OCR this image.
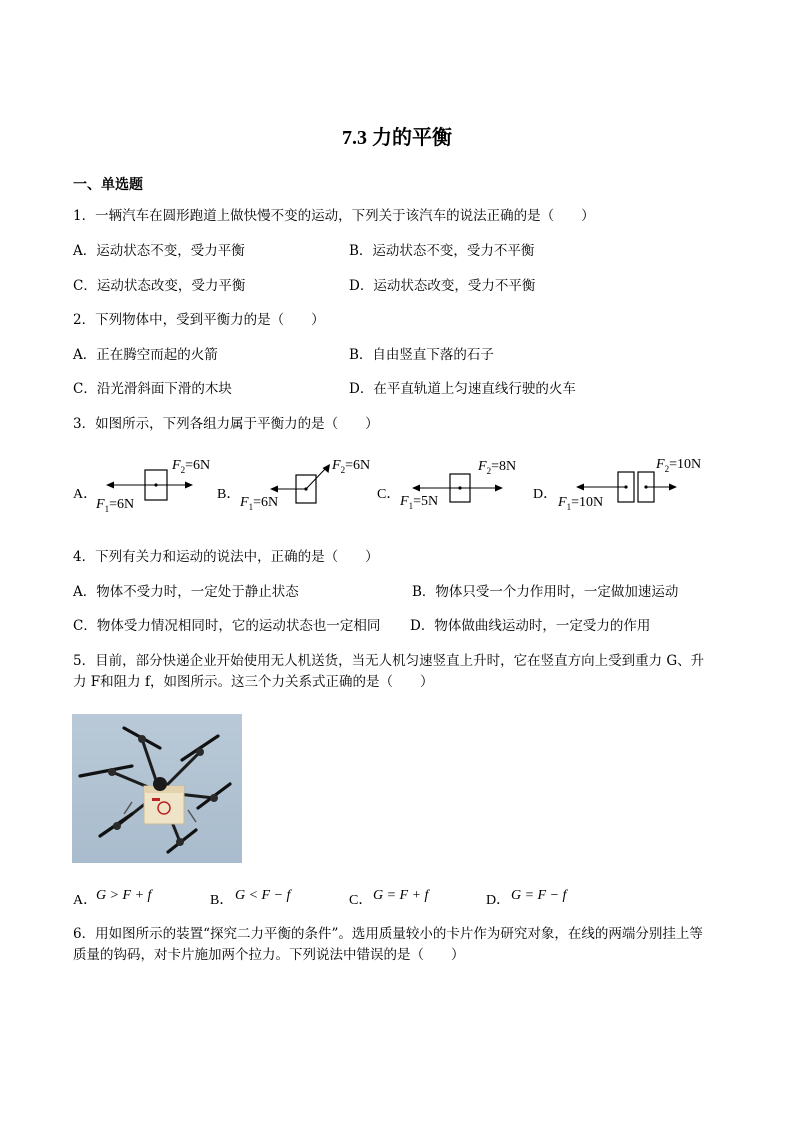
7.3 力的平衡
一、单选题
1．一辆汽车在圆形跑道上做快慢不变的运动，下列关于该汽车的说法正确的是（　　）
A．运动状态不变，受力平衡	B．运动状态不变，受力不平衡
C．运动状态改变，受力平衡	D．运动状态改变，受力不平衡
2．下列物体中，受到平衡力的是（　　）
A．正在腾空而起的火箭	B．自由竖直下落的石子
C．沿光滑斜面下滑的木块	D．在平直轨道上匀速直线行驶的火车
3．如图所示，下列各组力属于平衡力的是（　　）
A．
$F_2=6N$
$F_1=6N$
B．
$F_2=6N$
$F_1=6N$
C．
$F_2=8N$
$F_1=5N$	D．
$F_2=10N$
$F_1=10N$
4．下列有关力和运动的说法中，正确的是（　　）
A．物体不受力时，一定处于静止状态	B．物体只受一个力作用时，一定做加速运动
C．物体受力情况相同时，它的运动状态也一定相同 D．物体做曲线运动时，一定受力的作用
5．目前，部分快递企业开始使用无人机送货，当无人机匀速竖直上升时，它在竖直方向上受到重力 G、升
力 F和阻力 f，如图所示。这三个力关系式正确的是（　　）
A．
G > F + f	B． G < F − f	C． G = F + f	D． G = F − f
6．用如图所示的装置“探究二力平衡的条件”。选用质量较小的卡片作为研究对象，在线的两端分别挂上等
质量的钩码，对卡片施加两个拉力。下列说法中错误的是（　　）
